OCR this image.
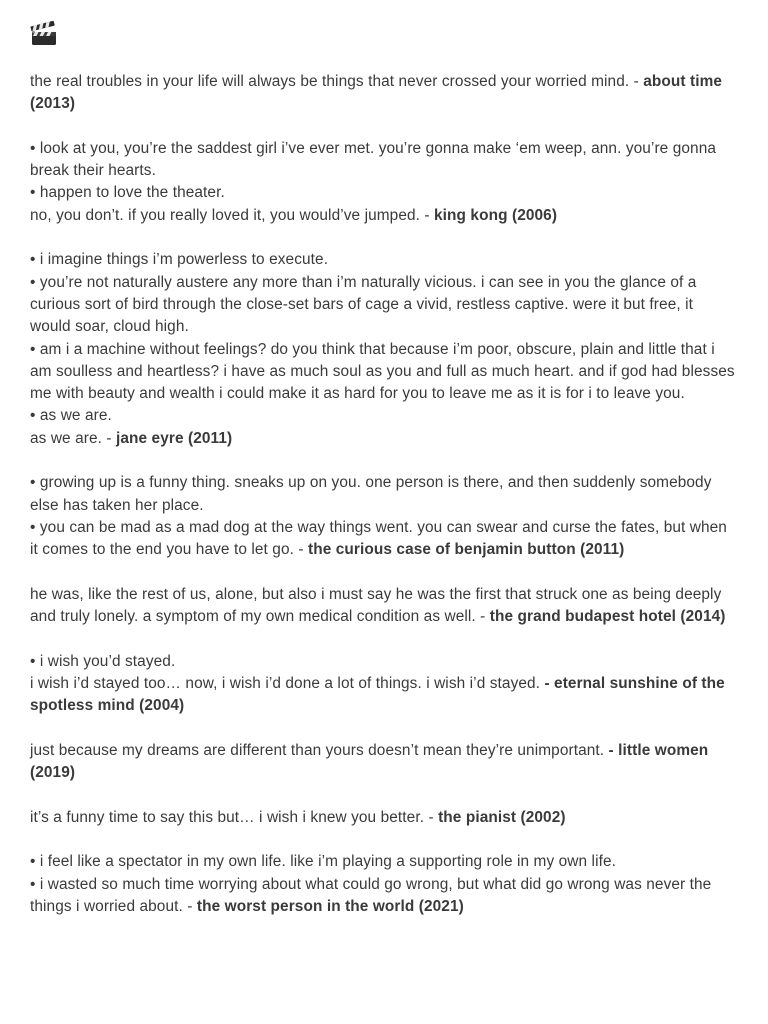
the real troubles in your life will always be things that never crossed your worried mind. - about time (2013)
• look at you, you’re the saddest girl i’ve ever met. you’re gonna make ‘em weep, ann. you’re gonna break their hearts.
• happen to love the theater.
no, you don’t. if you really loved it, you would’ve jumped. - king kong (2006)
• i imagine things i’m powerless to execute.
• you’re not naturally austere any more than i’m naturally vicious. i can see in you the glance of a curious sort of bird through the close-set bars of cage a vivid, restless captive. were it but free, it would soar, cloud high.
• am i a machine without feelings? do you think that because i’m poor, obscure, plain and little that i am soulless and heartless? i have as much soul as you and full as much heart. and if god had blesses me with beauty and wealth i could make it as hard for you to leave me as it is for i to leave you.
• as we are.
as we are. - jane eyre (2011)
• growing up is a funny thing. sneaks up on you. one person is there, and then suddenly somebody else has taken her place.
• you can be mad as a mad dog at the way things went. you can swear and curse the fates, but when it comes to the end you have to let go. - the curious case of benjamin button (2011)
he was, like the rest of us, alone, but also i must say he was the first that struck one as being deeply and truly lonely. a symptom of my own medical condition as well. - the grand budapest hotel (2014)
• i wish you’d stayed.
i wish i’d stayed too… now, i wish i’d done a lot of things. i wish i’d stayed. - eternal sunshine of the spotless mind (2004)
just because my dreams are different than yours doesn’t mean they’re unimportant. - little women (2019)
it’s a funny time to say this but… i wish i knew you better. - the pianist (2002)
• i feel like a spectator in my own life. like i’m playing a supporting role in my own life.
• i wasted so much time worrying about what could go wrong, but what did go wrong was never the things i worried about. - the worst person in the world (2021)
